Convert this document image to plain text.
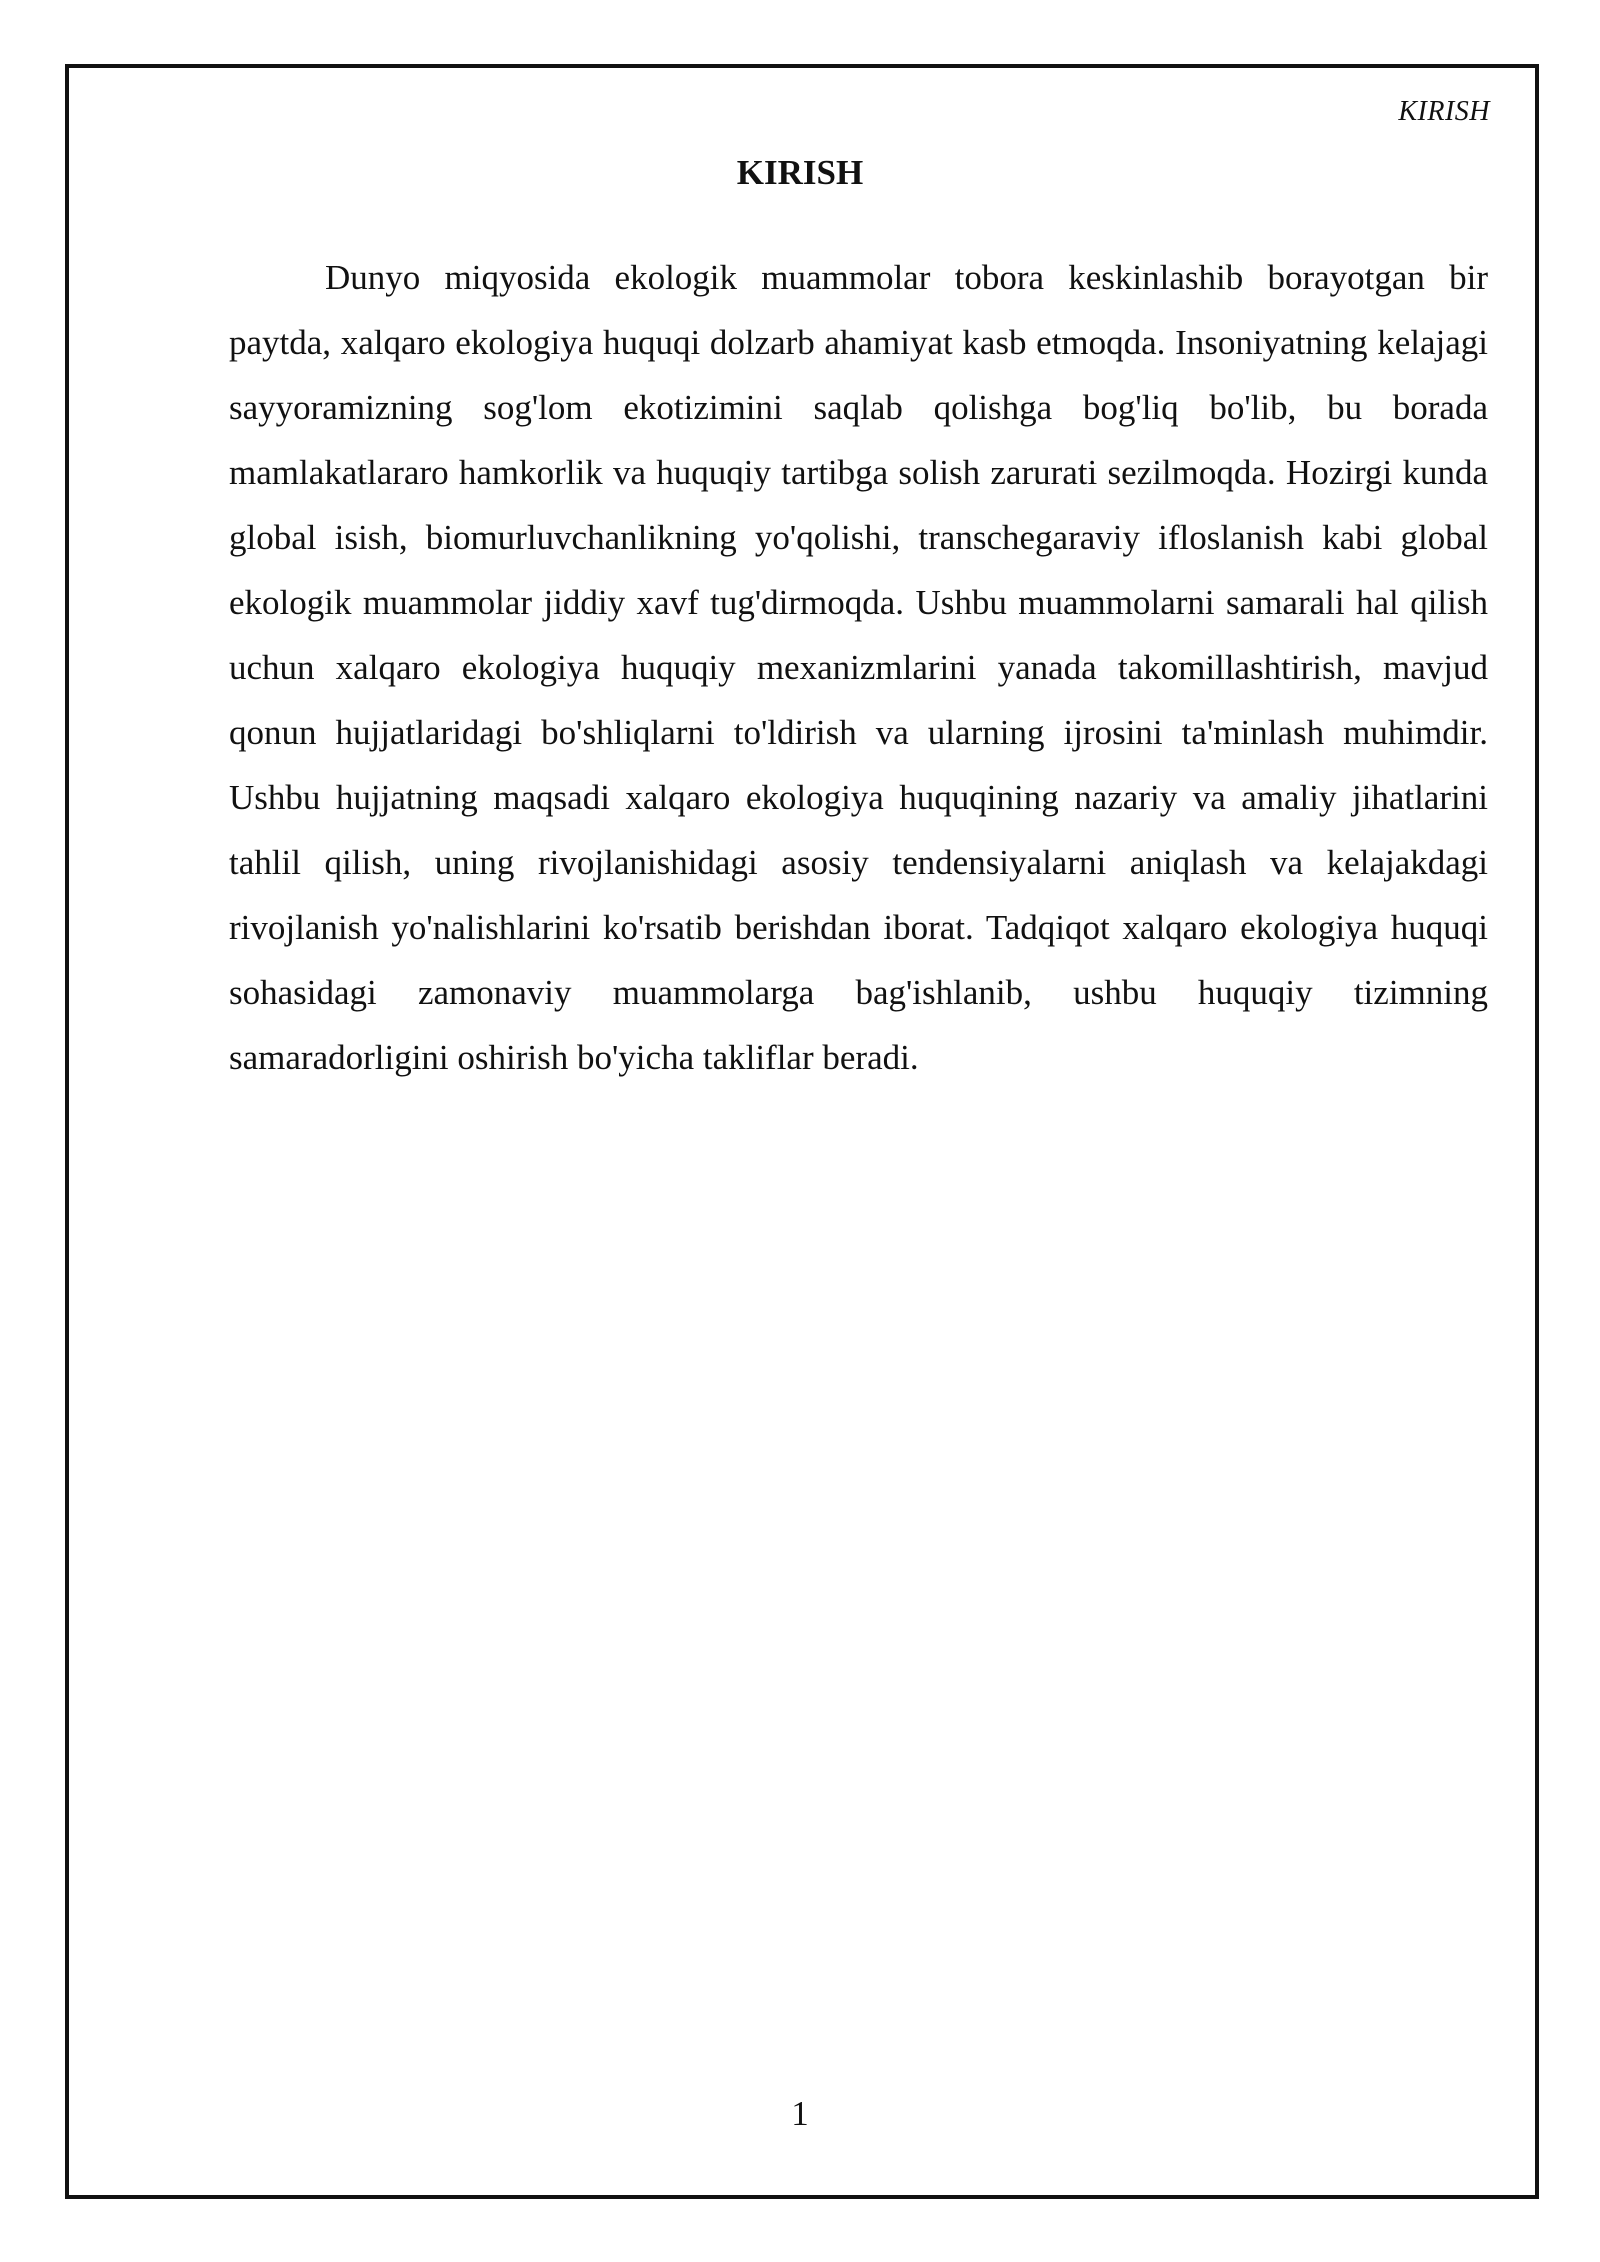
KIRISH
KIRISH

Dunyo miqyosida ekologik muammolar tobora keskinlashib borayotgan bir paytda, xalqaro ekologiya huquqi dolzarb ahamiyat kasb etmoqda. Insoniyatning kelajagi sayyoramizning sog'lom ekotizimini saqlab qolishga bog'liq bo'lib, bu borada mamlakatlararo hamkorlik va huquqiy tartibga solish zarurati sezilmoqda. Hozirgi kunda global isish, biomurluvchanlikning yo'qolishi, transchegaraviy ifloslanish kabi global ekologik muammolar jiddiy xavf tug'dirmoqda. Ushbu muammolarni samarali hal qilish uchun xalqaro ekologiya huquqiy mexanizmlarini yanada takomillashtirish, mavjud qonun hujjatlaridagi bo'shliqlarni to'ldirish va ularning ijrosini ta'minlash muhimdir. Ushbu hujjatning maqsadi xalqaro ekologiya huquqining nazariy va amaliy jihatlarini tahlil qilish, uning rivojlanishidagi asosiy tendensiyalarni aniqlash va kelajakdagi rivojlanish yo'nalishlarini ko'rsatib berishdan iborat. Tadqiqot xalqaro ekologiya huquqi sohasidagi zamonaviy muammolarga bag'ishlanib, ushbu huquqiy tizimning samaradorligini oshirish bo'yicha takliflar beradi.

1
